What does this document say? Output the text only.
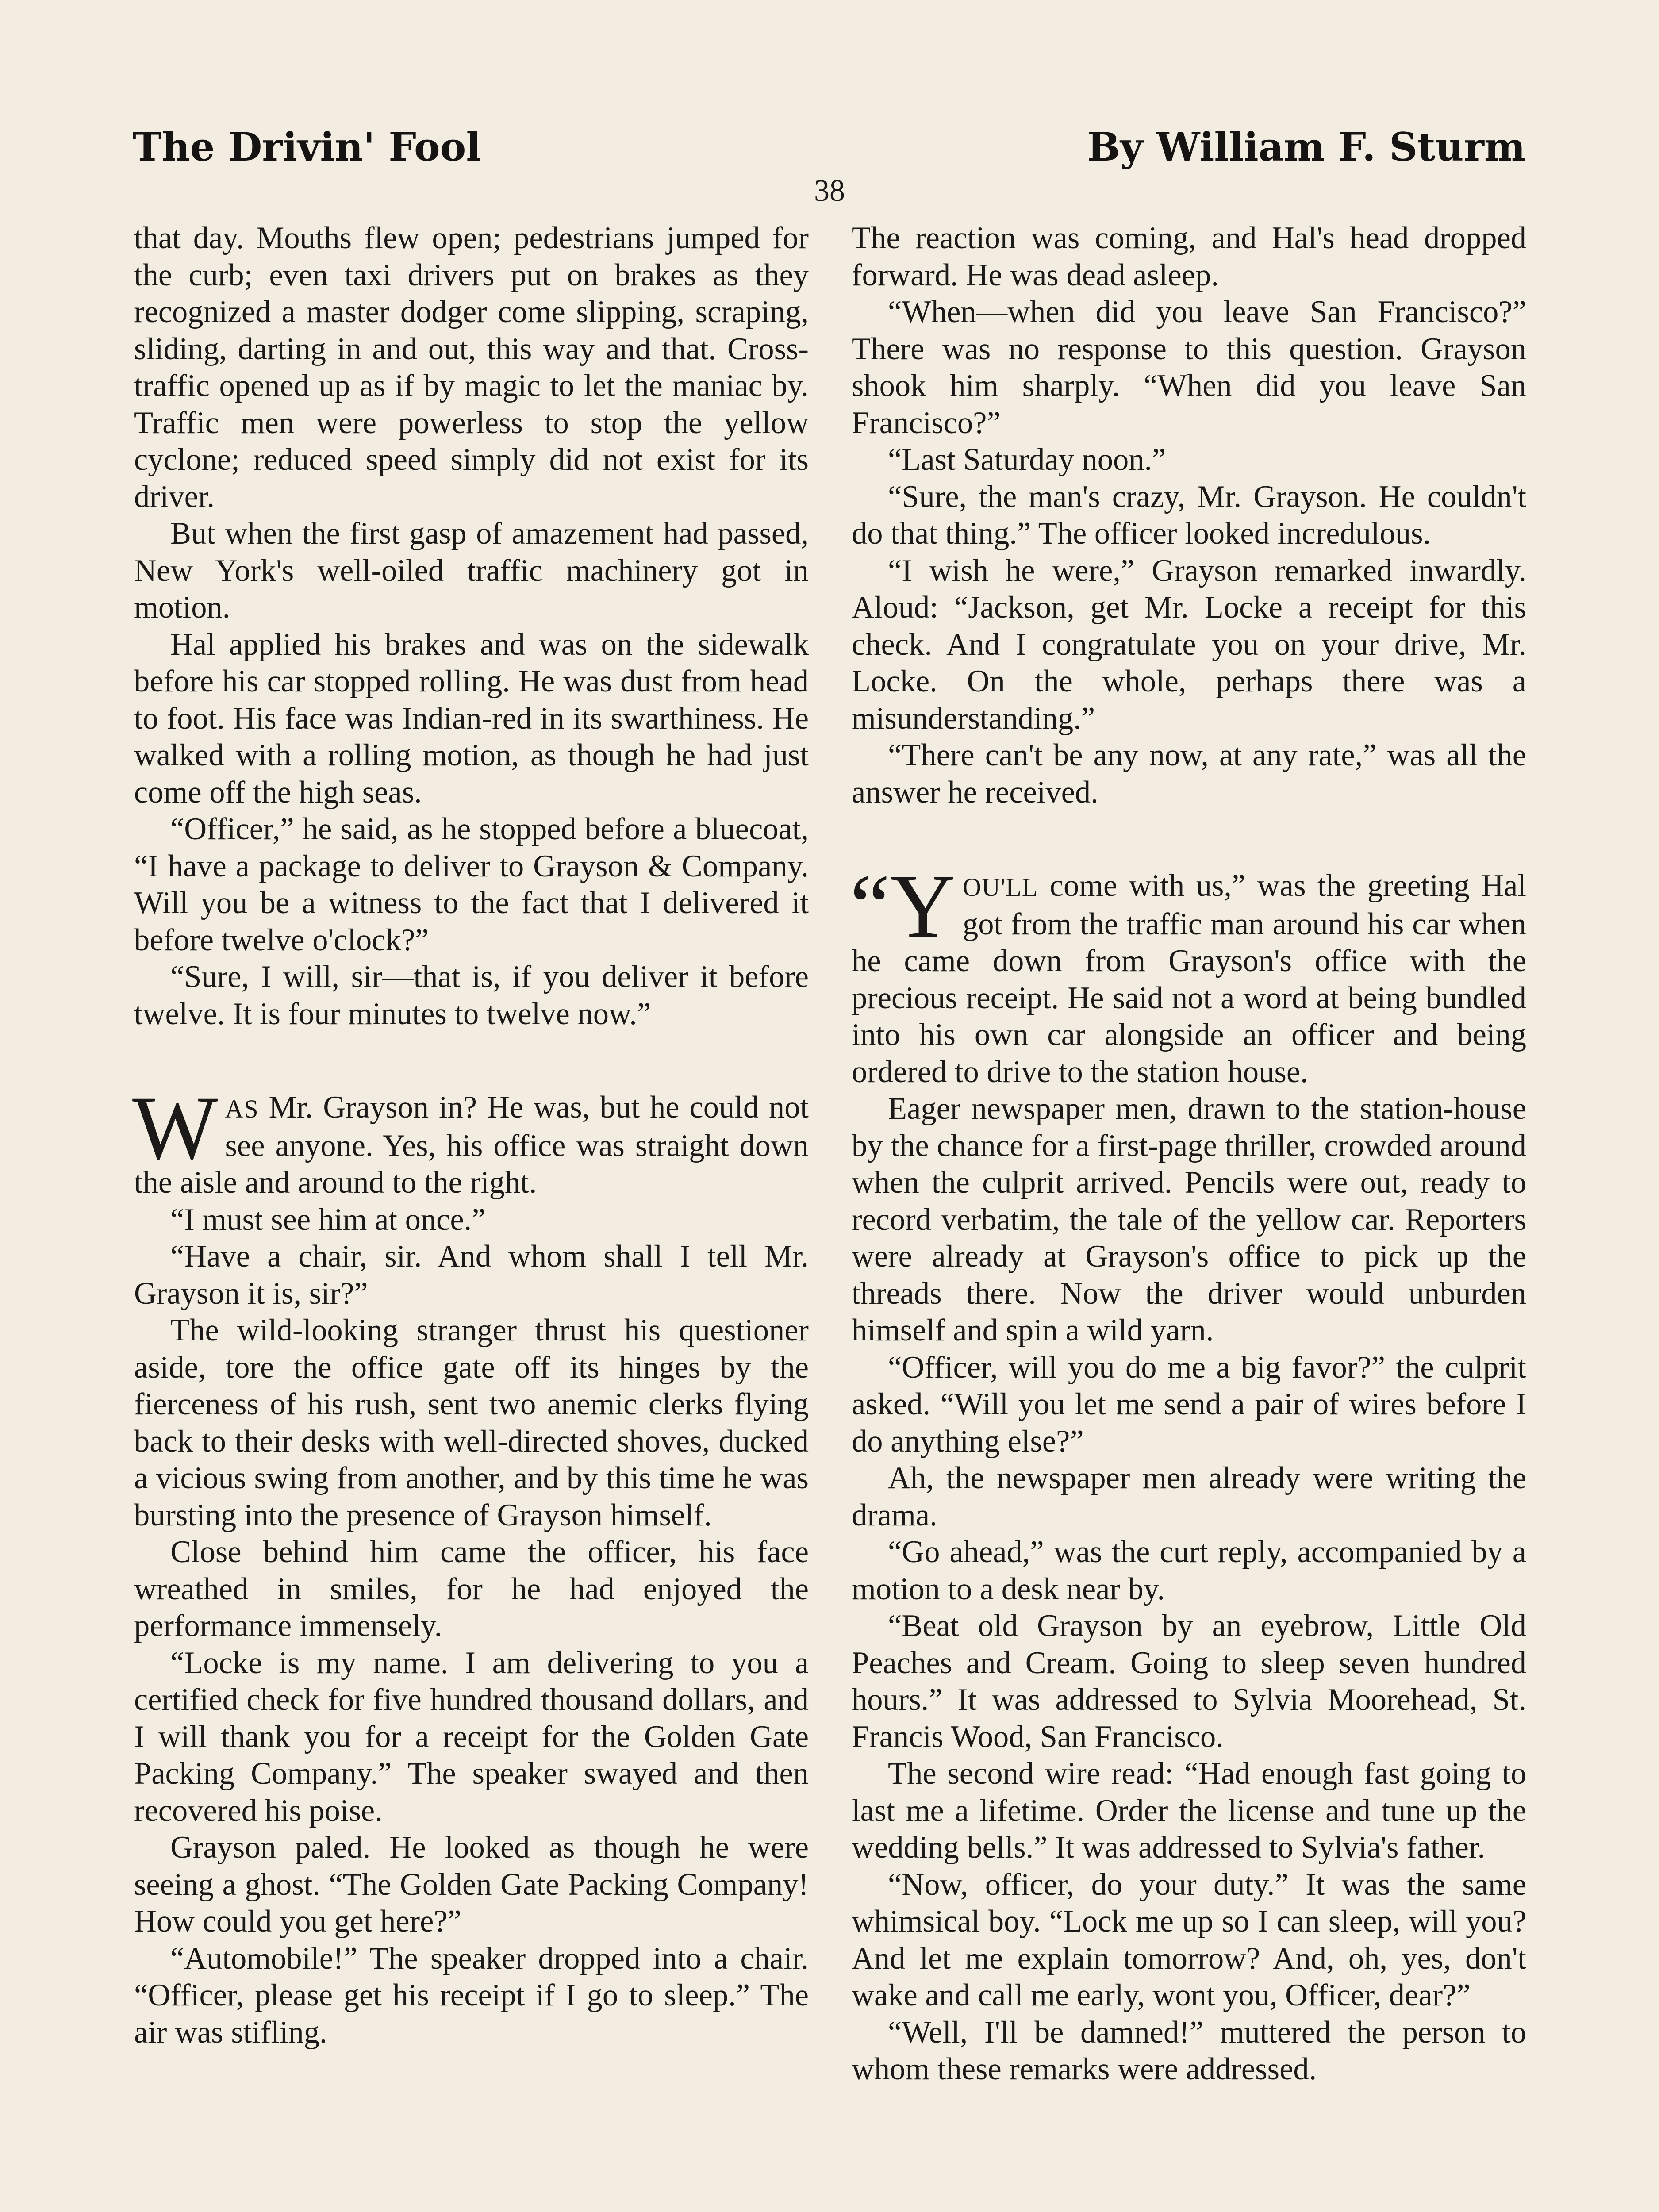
The Drivin' Fool	By William F. Sturm
38

that day. Mouths flew open; pedestrians jumped for the curb; even taxi drivers put on brakes as they recognized a master dodger come slipping, scraping, sliding, darting in and out, this way and that. Cross-traffic opened up as if by magic to let the maniac by. Traffic men were powerless to stop the yellow cyclone; reduced speed simply did not exist for its driver.

But when the first gasp of amazement had passed, New York's well-oiled traffic machinery got in motion.

Hal applied his brakes and was on the sidewalk before his car stopped rolling. He was dust from head to foot. His face was Indian-red in its swarthiness. He walked with a rolling motion, as though he had just come off the high seas.

“Officer,” he said, as he stopped before a bluecoat, “I have a package to deliver to Grayson & Company. Will you be a witness to the fact that I delivered it before twelve o'clock?”

“Sure, I will, sir—that is, if you deliver it before twelve. It is four minutes to twelve now.”

WAS Mr. Grayson in? He was, but he could not see anyone. Yes, his office was straight down the aisle and around to the right.

“I must see him at once.”

“Have a chair, sir. And whom shall I tell Mr. Grayson it is, sir?”

The wild-looking stranger thrust his questioner aside, tore the office gate off its hinges by the fierceness of his rush, sent two anemic clerks flying back to their desks with well-directed shoves, ducked a vicious swing from another, and by this time he was bursting into the presence of Grayson himself.

Close behind him came the officer, his face wreathed in smiles, for he had enjoyed the performance immensely.

“Locke is my name. I am delivering to you a certified check for five hundred thousand dollars, and I will thank you for a receipt for the Golden Gate Packing Company.” The speaker swayed and then recovered his poise.

Grayson paled. He looked as though he were seeing a ghost. “The Golden Gate Packing Company! How could you get here?”

“Automobile!” The speaker dropped into a chair. “Officer, please get his receipt if I go to sleep.” The air was stifling.

The reaction was coming, and Hal's head dropped forward. He was dead asleep.

“When—when did you leave San Francisco?” There was no response to this question. Grayson shook him sharply. “When did you leave San Francisco?”

“Last Saturday noon.”

“Sure, the man's crazy, Mr. Grayson. He couldn't do that thing.” The officer looked incredulous.

“I wish he were,” Grayson remarked inwardly. Aloud: “Jackson, get Mr. Locke a receipt for this check. And I congratulate you on your drive, Mr. Locke. On the whole, perhaps there was a misunderstanding.”

“There can't be any now, at any rate,” was all the answer he received.

“YOU'LL come with us,” was the greeting Hal got from the traffic man around his car when he came down from Grayson's office with the precious receipt. He said not a word at being bundled into his own car alongside an officer and being ordered to drive to the station house.

Eager newspaper men, drawn to the station-house by the chance for a first-page thriller, crowded around when the culprit arrived. Pencils were out, ready to record verbatim, the tale of the yellow car. Reporters were already at Grayson's office to pick up the threads there. Now the driver would unburden himself and spin a wild yarn.

“Officer, will you do me a big favor?” the culprit asked. “Will you let me send a pair of wires before I do anything else?”

Ah, the newspaper men already were writing the drama.

“Go ahead,” was the curt reply, accompanied by a motion to a desk near by.

“Beat old Grayson by an eyebrow, Little Old Peaches and Cream. Going to sleep seven hundred hours.” It was addressed to Sylvia Moorehead, St. Francis Wood, San Francisco.

The second wire read: “Had enough fast going to last me a lifetime. Order the license and tune up the wedding bells.” It was addressed to Sylvia's father.

“Now, officer, do your duty.” It was the same whimsical boy. “Lock me up so I can sleep, will you? And let me explain tomorrow? And, oh, yes, don't wake and call me early, wont you, Officer, dear?”

“Well, I'll be damned!” muttered the person to whom these remarks were addressed.
